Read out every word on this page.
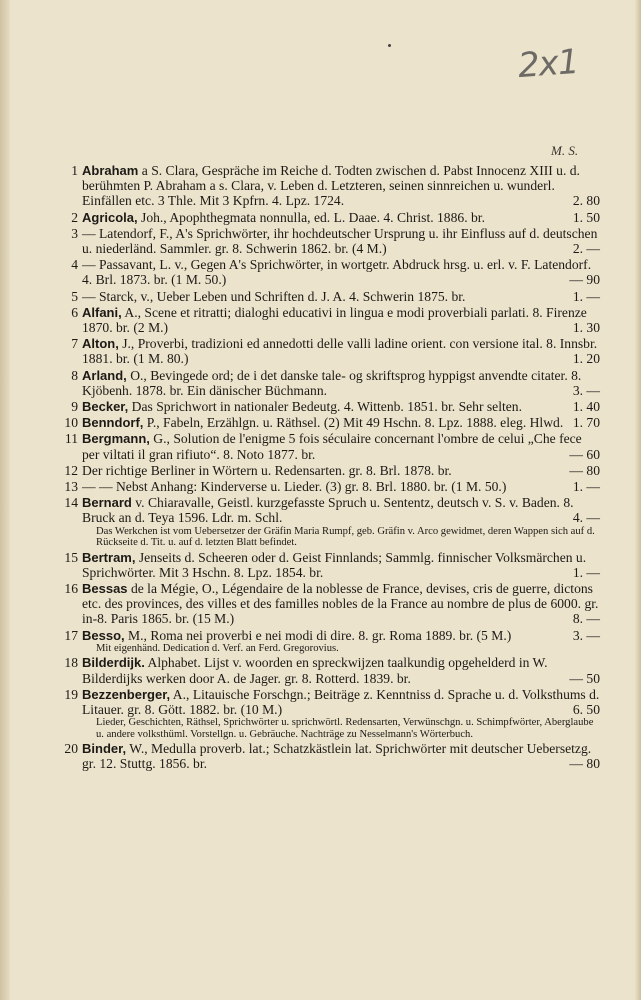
2x1
M. S.
1 Abraham a S. Clara, Gespräche im Reiche d. Todten zwischen d. Pabst Innocenz XIII u. d. berühmten P. Abraham a s. Clara, v. Leben d. Letzteren, seinen sinnreichen u. wunderl. Einfällen etc. 3 Thle. Mit 3 Kpfrn. 4. Lpz. 1724.	2. 80
2 Agricola, Joh., Apophthegmata nonnulla, ed. L. Daae. 4. Christ. 1886. br.	1. 50
3 — Latendorf, F., A's Sprichwörter, ihr hochdeutscher Ursprung u. ihr Einfluss auf d. deutschen u. niederländ. Sammler. gr. 8. Schwerin 1862. br. (4 M.)	2. —
4 — Passavant, L. v., Gegen A's Sprichwörter, in wortgetr. Abdruck hrsg. u. erl. v. F. Latendorf. 4. Brl. 1873. br. (1 M. 50.)	— 90
5 — Starck, v., Ueber Leben und Schriften d. J. A. 4. Schwerin 1875. br.	1. —
6 Alfani, A., Scene et ritratti; dialoghi educativi in lingua e modi proverbiali parlati. 8. Firenze 1870. br. (2 M.)	1. 30
7 Alton, J., Proverbi, tradizioni ed annedotti delle valli ladine orient. con versione ital. 8. Innsbr. 1881. br. (1 M. 80.)	1. 20
8 Arland, O., Bevingede ord; de i det danske tale- og skriftsprog hyppigst anvendte citater. 8. Kjöbenh. 1878. br. Ein dänischer Büchmann.	3. —
9 Becker, Das Sprichwort in nationaler Bedeutg. 4. Wittenb. 1851. br. Sehr selten.	1. 40
10 Benndorf, P., Fabeln, Erzählgn. u. Räthsel. (2) Mit 49 Hschn. 8. Lpz. 1888. eleg. Hlwd. 1. 70
11 Bergmann, G., Solution de l'enigme 5 fois séculaire concernant l'ombre de celui „Che fece per viltati il gran rifiuto“. 8. Noto 1877. br.	— 60
12 Der richtige Berliner in Wörtern u. Redensarten. gr. 8. Brl. 1878. br.	— 80
13 — — Nebst Anhang: Kinderverse u. Lieder. (3) gr. 8. Brl. 1880. br. (1 M. 50.)	1. —
14 Bernard v. Chiaravalle, Geistl. kurzgefasste Spruch u. Sententz, deutsch v. S. v. Baden. 8. Bruck an d. Teya 1596. Ldr. m. Schl.	4. —
Das Werkchen ist vom Uebersetzer der Gräfin Maria Rumpf, geb. Gräfin v. Arco gewidmet, deren Wappen sich auf d. Rückseite d. Tit. u. auf d. letzten Blatt befindet.
15 Bertram, Jenseits d. Scheeren oder d. Geist Finnlands; Sammlg. finnischer Volksmärchen u. Sprichwörter. Mit 3 Hschn. 8. Lpz. 1854. br.	1. —
16 Bessas de la Mégie, O., Légendaire de la noblesse de France, devises, cris de guerre, dictons etc. des provinces, des villes et des familles nobles de la France au nombre de plus de 6000. gr. in-8. Paris 1865. br. (15 M.)	8. —
17 Besso, M., Roma nei proverbi e nei modi di dire. 8. gr. Roma 1889. br. (5 M.)	3. —
Mit eigenhänd. Dedication d. Verf. an Ferd. Gregorovius.
18 Bilderdijk. Alphabet. Lijst v. woorden en spreckwijzen taalkundig opgehelderd in W. Bilderdijks werken door A. de Jager. gr. 8. Rotterd. 1839. br.	— 50
19 Bezzenberger, A., Litauische Forschgn.; Beiträge z. Kenntniss d. Sprache u. d. Volksthums d. Litauer. gr. 8. Gött. 1882. br. (10 M.)	6. 50
Lieder, Geschichten, Räthsel, Sprichwörter u. sprichwörtl. Redensarten, Verwünschgn. u. Schimpfwörter, Aberglaube u. andere volksthüml. Vorstellgn. u. Gebräuche. Nachträge zu Nesselmann's Wörterbuch.
20 Binder, W., Medulla proverb. lat.; Schatzkästlein lat. Sprichwörter mit deutscher Uebersetzg. gr. 12. Stuttg. 1856. br.	— 80
